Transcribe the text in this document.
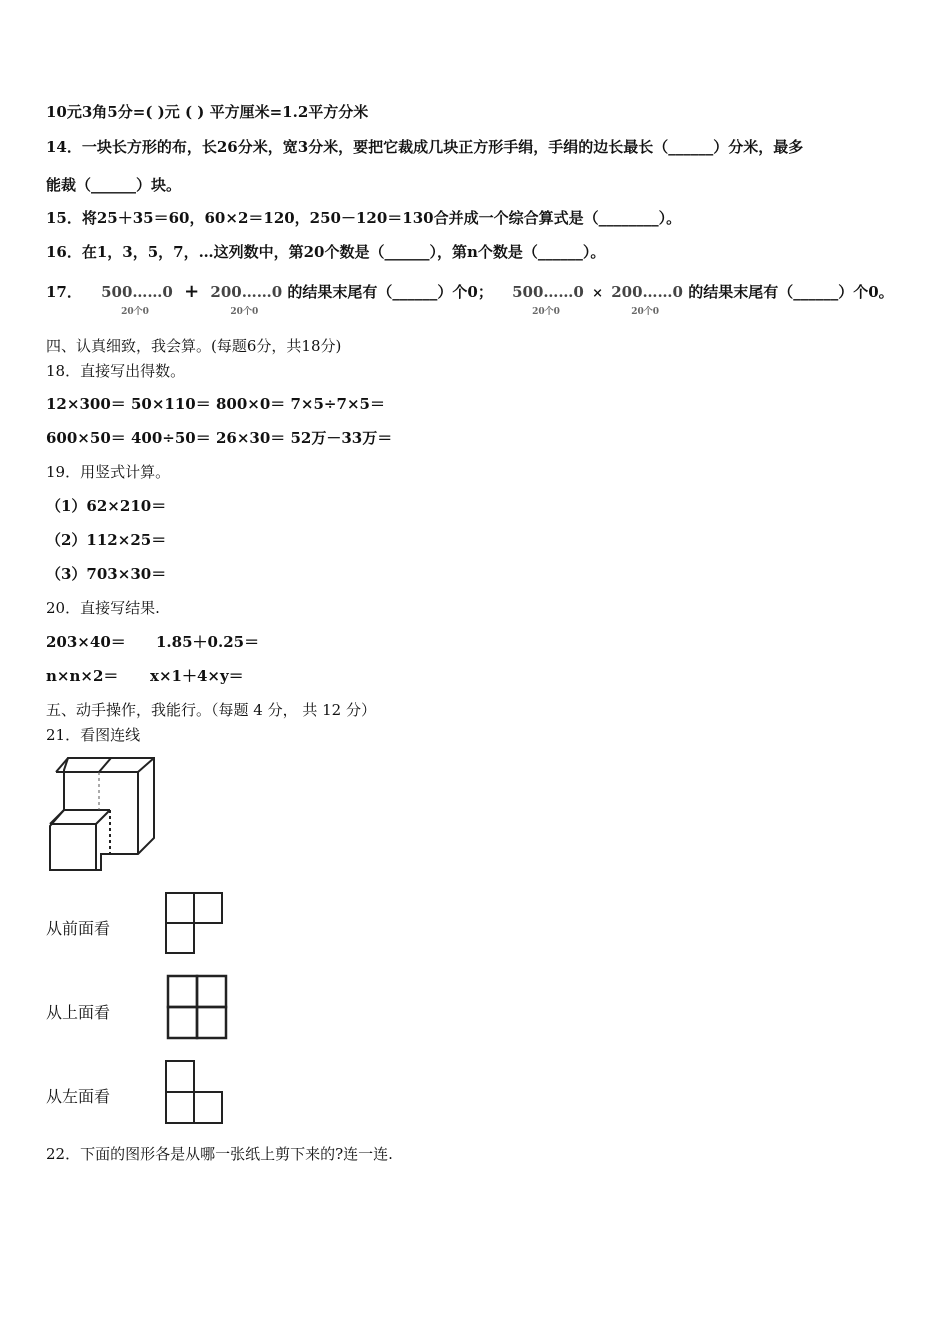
10元3角5分=( )元 ( ) 平方厘米=1.2平方分米
14．一块长方形的布，长26分米，宽3分米，要把它裁成几块正方形手绢，手绢的边长最长（______）分米，最多
能裁（______）块。
15．将25＋35＝60，60×2＝120，250－120＝130合并成一个综合算式是（________）。
16．在1，3，5，7，…这列数中，第20个数是（______），第n个数是（______）。
17． 500……0
20个0
+ 200……0
20个0
的结果末尾有（______）个0； 500……0
20个0
× 200……0
20个0
的结果末尾有（______）个0。
四、认真细致，我会算。(每题6分，共18分)
18．直接写出得数。
12×300＝ 50×110＝ 800×0＝ 7×5÷7×5＝
600×50＝ 400÷50＝ 26×30＝ 52万－33万＝
19．用竖式计算。
（1）62×210＝
（2）112×25＝
（3）703×30＝
20．直接写结果.
203×40＝ 1.85＋0.25＝
n×n×2＝ x×1＋4×y＝
五、动手操作，我能行。（每题 4 分， 共 12 分）
21．看图连线
从前面看
从上面看
从左面看
22．下面的图形各是从哪一张纸上剪下来的?连一连.
